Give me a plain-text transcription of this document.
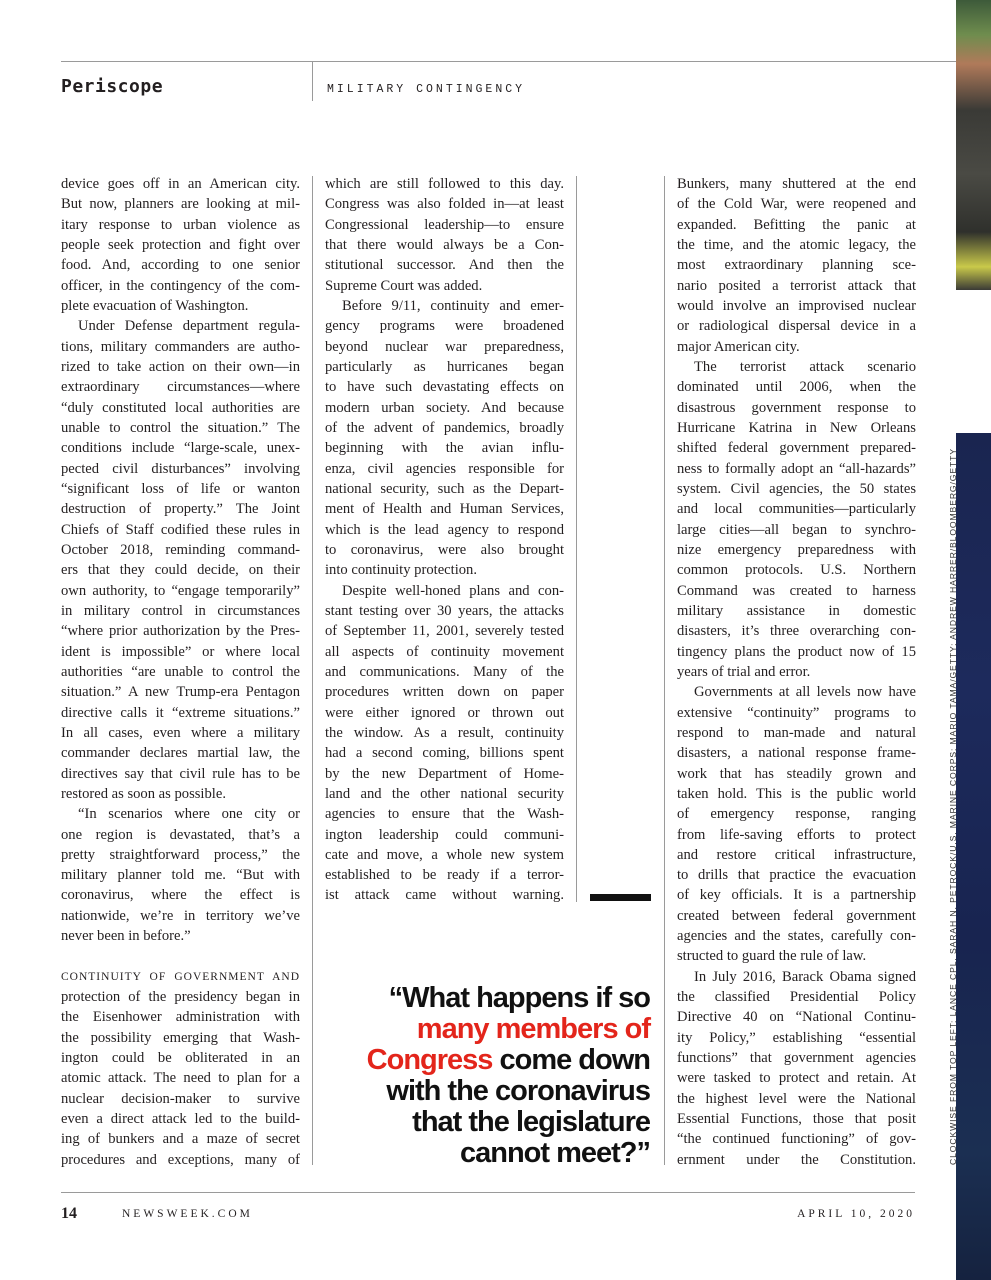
Periscope	MILITARY CONTINGENCY
device goes off in an American city.
But now, planners are looking at mil-
itary response to urban violence as
people seek protection and fight over
food. And, according to one senior
officer, in the contingency of the com-
plete evacuation of Washington.
Under Defense department regula-
tions, military commanders are autho-
rized to take action on their own—in
extraordinary circumstances—where
“duly constituted local authorities are
unable to control the situation.” The
conditions include “large-scale, unex-
pected civil disturbances” involving
“significant loss of life or wanton
destruction of property.” The Joint
Chiefs of Staff codified these rules in
October 2018, reminding command-
ers that they could decide, on their
own authority, to “engage temporarily”
in military control in circumstances
“where prior authorization by the Pres-
ident is impossible” or where local
authorities “are unable to control the
situation.” A new Trump-era Pentagon
directive calls it “extreme situations.”
In all cases, even where a military
commander declares martial law, the
directives say that civil rule has to be
restored as soon as possible.
“In scenarios where one city or
one region is devastated, that’s a
pretty straightforward process,” the
military planner told me. “But with
coronavirus, where the effect is
nationwide, we’re in territory we’ve
never been in before.”
CONTINUITY OF GOVERNMENT AND
protection of the presidency began in
the Eisenhower administration with
the possibility emerging that Wash-
ington could be obliterated in an
atomic attack. The need to plan for a
nuclear decision-maker to survive
even a direct attack led to the build-
ing of bunkers and a maze of secret
procedures and exceptions, many of
which are still followed to this day.
Congress was also folded in—at least
Congressional leadership—to ensure
that there would always be a Con-
stitutional successor. And then the
Supreme Court was added.
Before 9/11, continuity and emer-
gency programs were broadened
beyond nuclear war preparedness,
particularly as hurricanes began
to have such devastating effects on
modern urban society. And because
of the advent of pandemics, broadly
beginning with the avian influ-
enza, civil agencies responsible for
national security, such as the Depart-
ment of Health and Human Services,
which is the lead agency to respond
to coronavirus, were also brought
into continuity protection.
Despite well-honed plans and con-
stant testing over 30 years, the attacks
of September 11, 2001, severely tested
all aspects of continuity movement
and communications. Many of the
procedures written down on paper
were either ignored or thrown out
the window. As a result, continuity
had a second coming, billions spent
by the new Department of Home-
land and the other national security
agencies to ensure that the Wash-
ington leadership could communi-
cate and move, a whole new system
established to be ready if a terror-
ist attack came without warning.
Bunkers, many shuttered at the end
of the Cold War, were reopened and
expanded. Befitting the panic at
the time, and the atomic legacy, the
most extraordinary planning sce-
nario posited a terrorist attack that
would involve an improvised nuclear
or radiological dispersal device in a
major American city.
The terrorist attack scenario
dominated until 2006, when the
disastrous government response to
Hurricane Katrina in New Orleans
shifted federal government prepared-
ness to formally adopt an “all-hazards”
system. Civil agencies, the 50 states
and local communities—particularly
large cities—all began to synchro-
nize emergency preparedness with
common protocols. U.S. Northern
Command was created to harness
military assistance in domestic
disasters, it’s three overarching con-
tingency plans the product now of 15
years of trial and error.
Governments at all levels now have
extensive “continuity” programs to
respond to man-made and natural
disasters, a national response frame-
work that has steadily grown and
taken hold. This is the public world
of emergency response, ranging
from life-saving efforts to protect
and restore critical infrastructure,
to drills that practice the evacuation
of key officials. It is a partnership
created between federal government
agencies and the states, carefully con-
structed to guard the rule of law.
In July 2016, Barack Obama signed
the classified Presidential Policy
Directive 40 on “National Continu-
ity Policy,” establishing “essential
functions” that government agencies
were tasked to protect and retain. At
the highest level were the National
Essential Functions, those that posit
“the continued functioning” of gov-
ernment under the Constitution.
“What happens if so
many members of
Congress come down
with the coronavirus
that the legislature
cannot meet?”	CLOCKWISE FROM TOP LEFT: LANCE CPL. SARAH N. PETROCK/U.S. MARINE CORPS; MARIO TAMA/GETTY; ANDREW HARRER/BLOOMBERG/GETTY
14	NEWSWEEK.COM	APRIL 10, 2020
